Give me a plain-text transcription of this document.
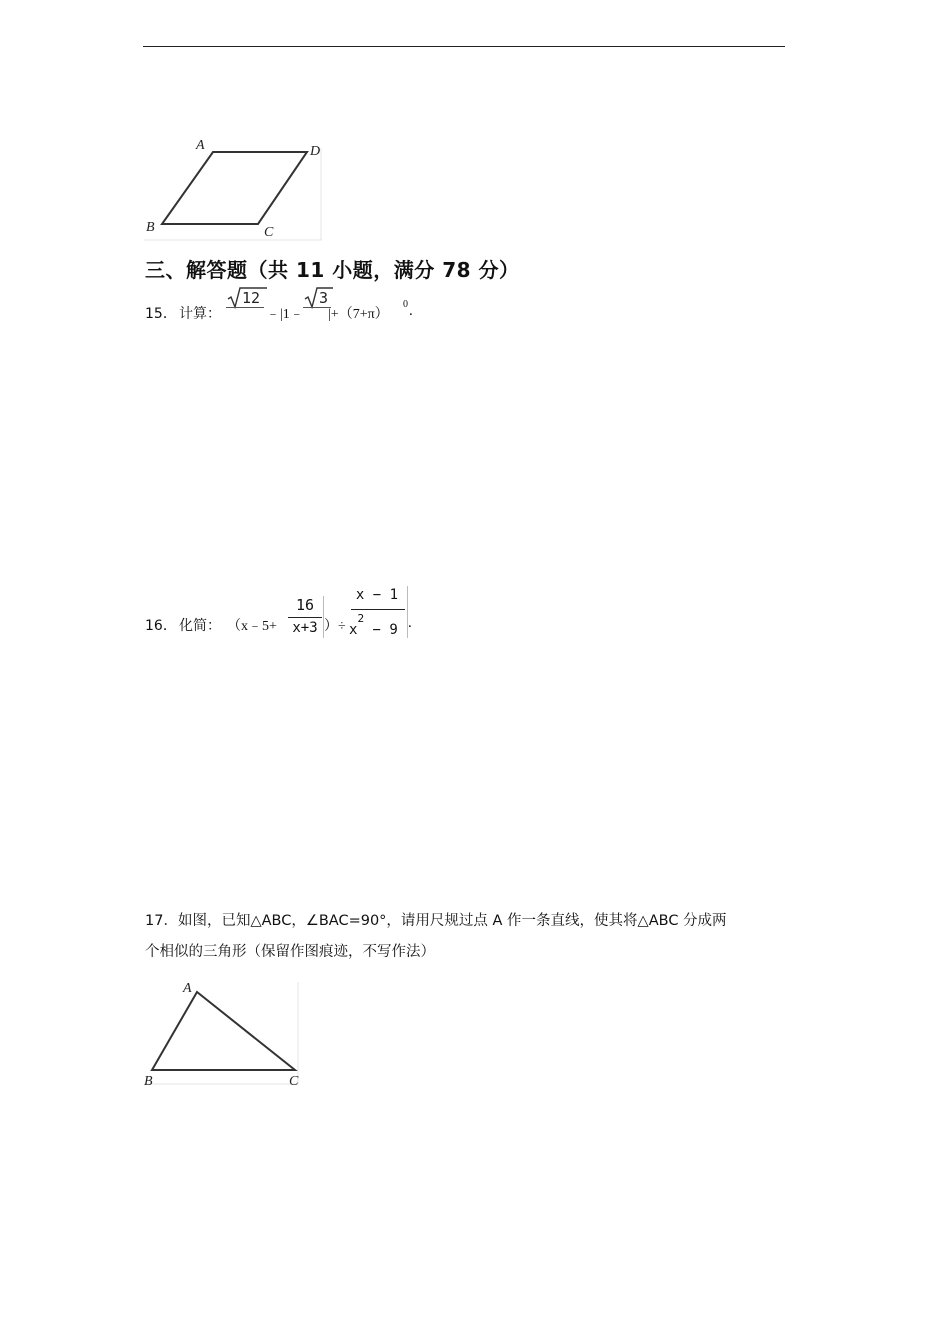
A	D
B	C
三、解答题（共 11 小题，满分 78 分）
15． 计算：
12
﹣|1﹣
3
|+（7+π）
0 .
16． 化简： （x﹣5+
16
x+3 ）÷
x − 1
$x^2 - 9$ .
17．如图，已知△ABC，∠BAC=90°，请用尺规过点 A 作一条直线，使其将△ABC 分成两
个相似的三角形（保留作图痕迹，不写作法）
A
B	C
